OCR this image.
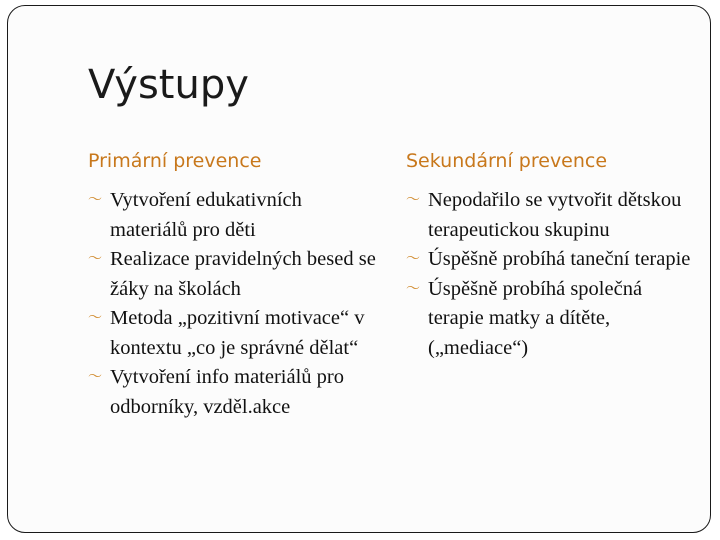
Výstupy
Primární prevence
〜 Vytvoření edukativních materiálů pro děti
〜 Realizace pravidelných besed se žáky na školách
〜 Metoda „pozitivní motivace“ v kontextu „co je správné dělat“
〜 Vytvoření info materiálů pro odborníky, vzděl.akce
Sekundární prevence
〜 Nepodařilo se vytvořit dětskou terapeutickou skupinu
〜 Úspěšně probíhá taneční terapie
〜 Úspěšně probíhá společná terapie matky a dítěte, („mediace“)
